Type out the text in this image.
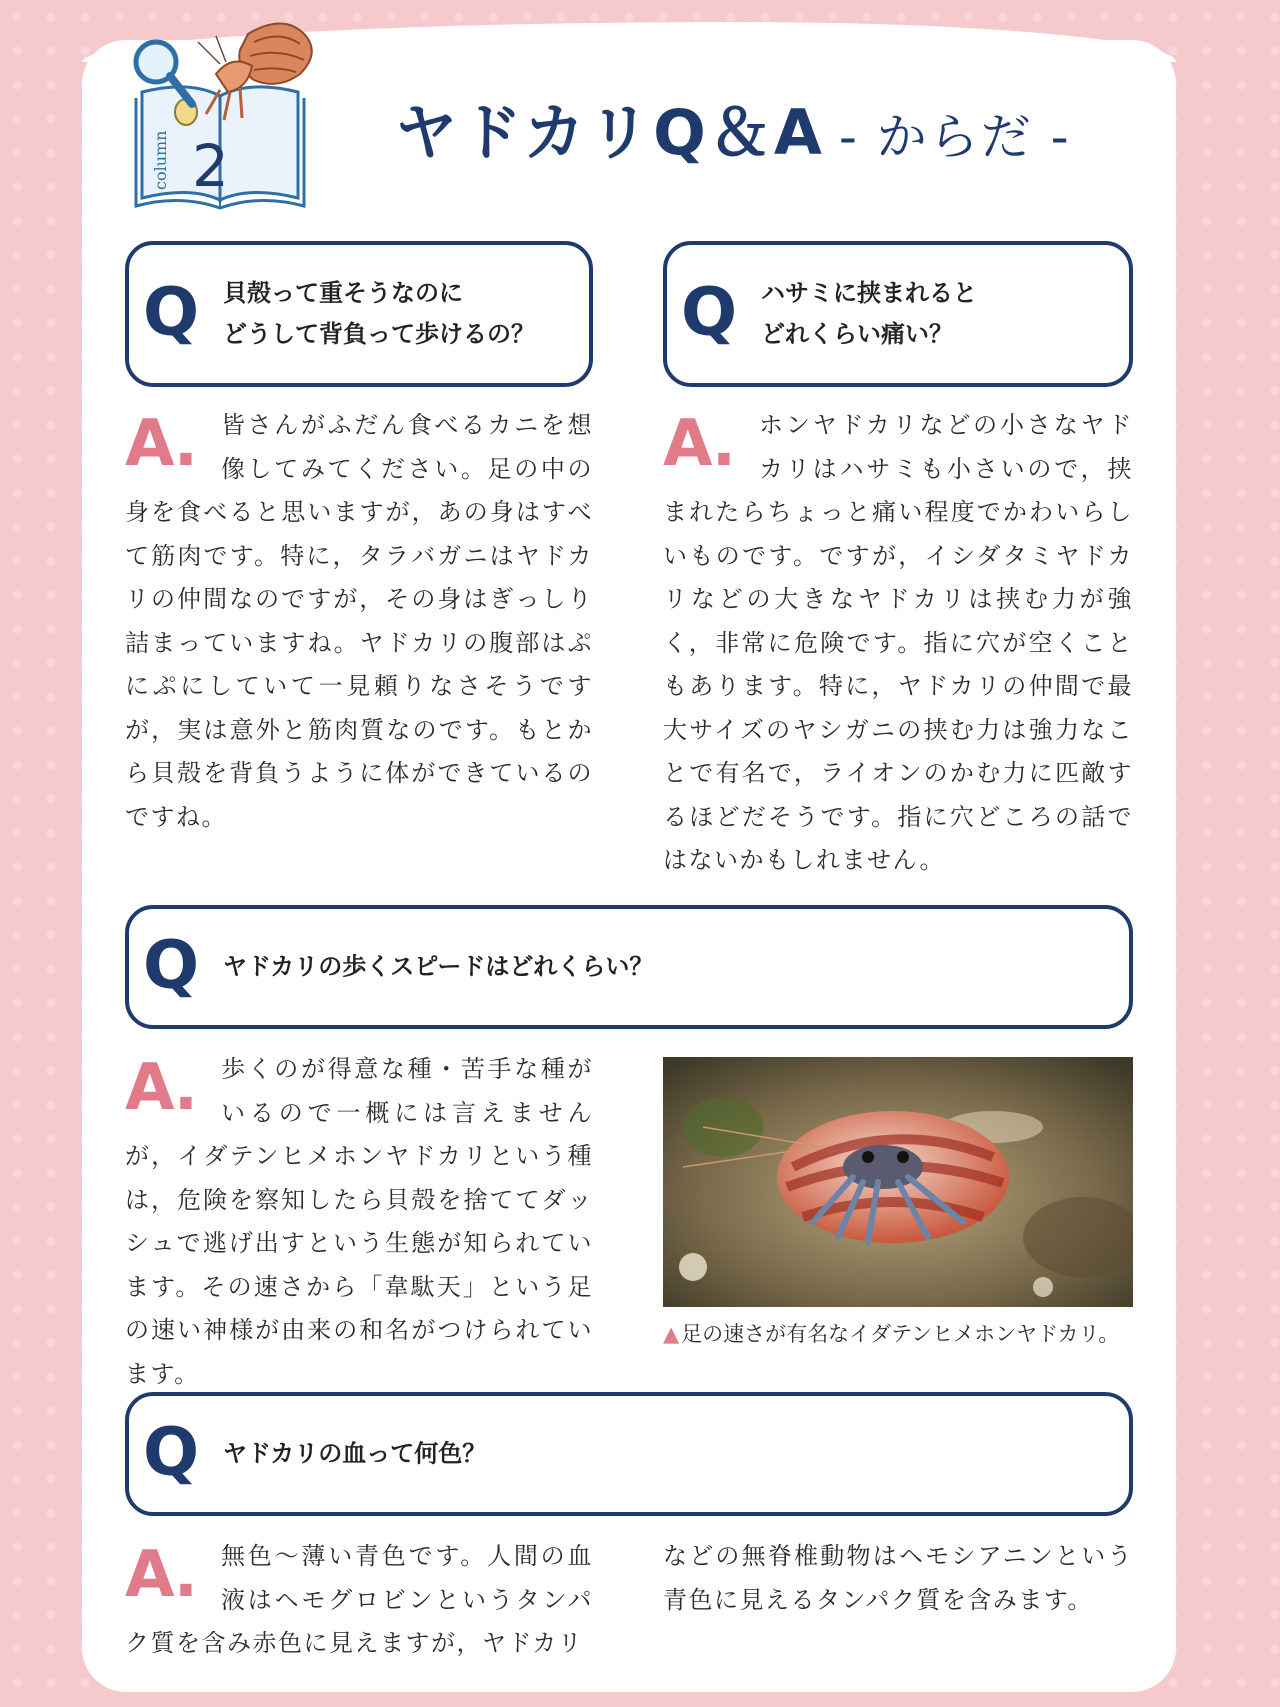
column 2	ヤドカリQ＆A - からだ -
Q 貝殻って重そうなのに
どうして背負って歩けるの？ Q ハサミに挟まれると
どれくらい痛い？
A.	皆さんがふだん食べるカニを想像してみてください。足の中の身を食べると思いますが，あの身はすべて筋肉です。特に，タラバガニはヤドカリの仲間なのですが，その身はぎっしり詰まっていますね。ヤドカリの腹部はぷにぷにしていて一見頼りなさそうですが，実は意外と筋肉質なのです。もとから貝殻を背負うように体ができているのですね。
A.	ホンヤドカリなどの小さなヤドカリはハサミも小さいので，挟まれたらちょっと痛い程度でかわいらしいものです。ですが，イシダタミヤドカリなどの大きなヤドカリは挟む力が強く，非常に危険です。指に穴が空くこともあります。特に，ヤドカリの仲間で最大サイズのヤシガニの挟む力は強力なことで有名で，ライオンのかむ力に匹敵するほどだそうです。指に穴どころの話ではないかもしれません。
Q ヤドカリの歩くスピードはどれくらい？
A.	歩くのが得意な種・苦手な種がいるので一概には言えませんが，イダテンヒメホンヤドカリという種は，危険を察知したら貝殻を捨ててダッシュで逃げ出すという生態が知られています。その速さから「韋駄天」という足の速い神様が由来の和名がつけられています。
▲足の速さが有名なイダテンヒメホンヤドカリ。
Q ヤドカリの血って何色？
A.	無色～薄い青色です。人間の血液はヘモグロビンというタンパク質を含み赤色に見えますが，ヤドカリ
などの無脊椎動物はヘモシアニンという青色に見えるタンパク質を含みます。
